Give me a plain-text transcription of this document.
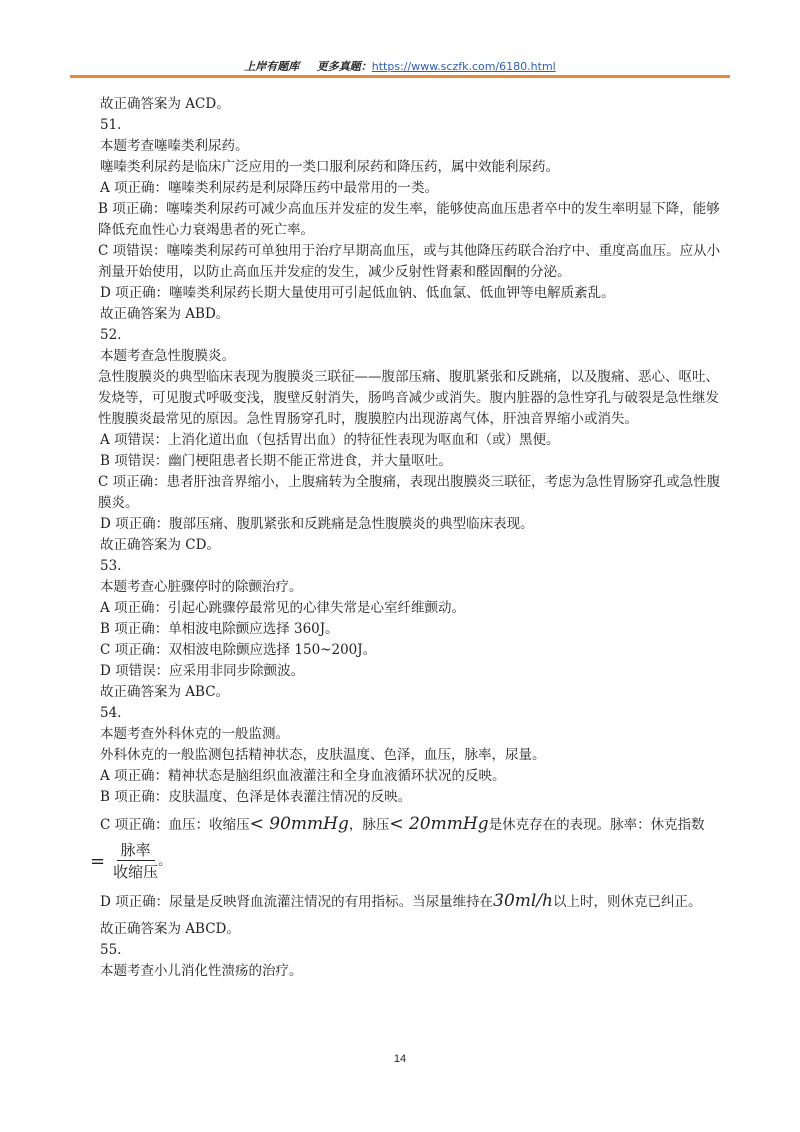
上岸有题库 更多真题：https://www.sczfk.com/6180.html

故正确答案为 ACD。

51.

本题考查噻嗪类利尿药。

噻嗪类利尿药是临床广泛应用的一类口服利尿药和降压药，属中效能利尿药。

A 项正确：噻嗪类利尿药是利尿降压药中最常用的一类。

B 项正确：噻嗪类利尿药可减少高血压并发症的发生率，能够使高血压患者卒中的发生率明显下降，能够降低充血性心力衰竭患者的死亡率。

C 项错误：噻嗪类利尿药可单独用于治疗早期高血压，或与其他降压药联合治疗中、重度高血压。应从小剂量开始使用，以防止高血压并发症的发生，减少反射性肾素和醛固酮的分泌。

D 项正确：噻嗪类利尿药长期大量使用可引起低血钠、低血氯、低血钾等电解质紊乱。

故正确答案为 ABD。

52.

本题考查急性腹膜炎。

急性腹膜炎的典型临床表现为腹膜炎三联征——腹部压痛、腹肌紧张和反跳痛，以及腹痛、恶心、呕吐、发烧等，可见腹式呼吸变浅，腹壁反射消失，肠鸣音减少或消失。腹内脏器的急性穿孔与破裂是急性继发性腹膜炎最常见的原因。急性胃肠穿孔时，腹膜腔内出现游离气体，肝浊音界缩小或消失。

A 项错误：上消化道出血（包括胃出血）的特征性表现为呕血和（或）黑便。

B 项错误：幽门梗阻患者长期不能正常进食，并大量呕吐。

C 项正确：患者肝浊音界缩小，上腹痛转为全腹痛，表现出腹膜炎三联征，考虑为急性胃肠穿孔或急性腹膜炎。

D 项正确：腹部压痛、腹肌紧张和反跳痛是急性腹膜炎的典型临床表现。

故正确答案为 CD。

53.

本题考查心脏骤停时的除颤治疗。

A 项正确：引起心跳骤停最常见的心律失常是心室纤维颤动。

B 项正确：单相波电除颤应选择 360J。

C 项正确：双相波电除颤应选择 150~200J。

D 项错误：应采用非同步除颤波。

故正确答案为 ABC。

54.

本题考查外科休克的一般监测。

外科休克的一般监测包括精神状态，皮肤温度、色泽，血压，脉率，尿量。

A 项正确：精神状态是脑组织血液灌注和全身血液循环状况的反映。

B 项正确：皮肤温度、色泽是体表灌注情况的反映。

C 项正确：血压：收缩压< 90mmHg，脉压< 20mmHg是休克存在的表现。脉率：休克指数

= $\frac{\text{脉率}}{\text{收缩压}}$ 。

D 项正确：尿量是反映肾血流灌注情况的有用指标。当尿量维持在30ml/h以上时，则休克已纠正。

故正确答案为 ABCD。

55.

本题考查小儿消化性溃疡的治疗。

14
